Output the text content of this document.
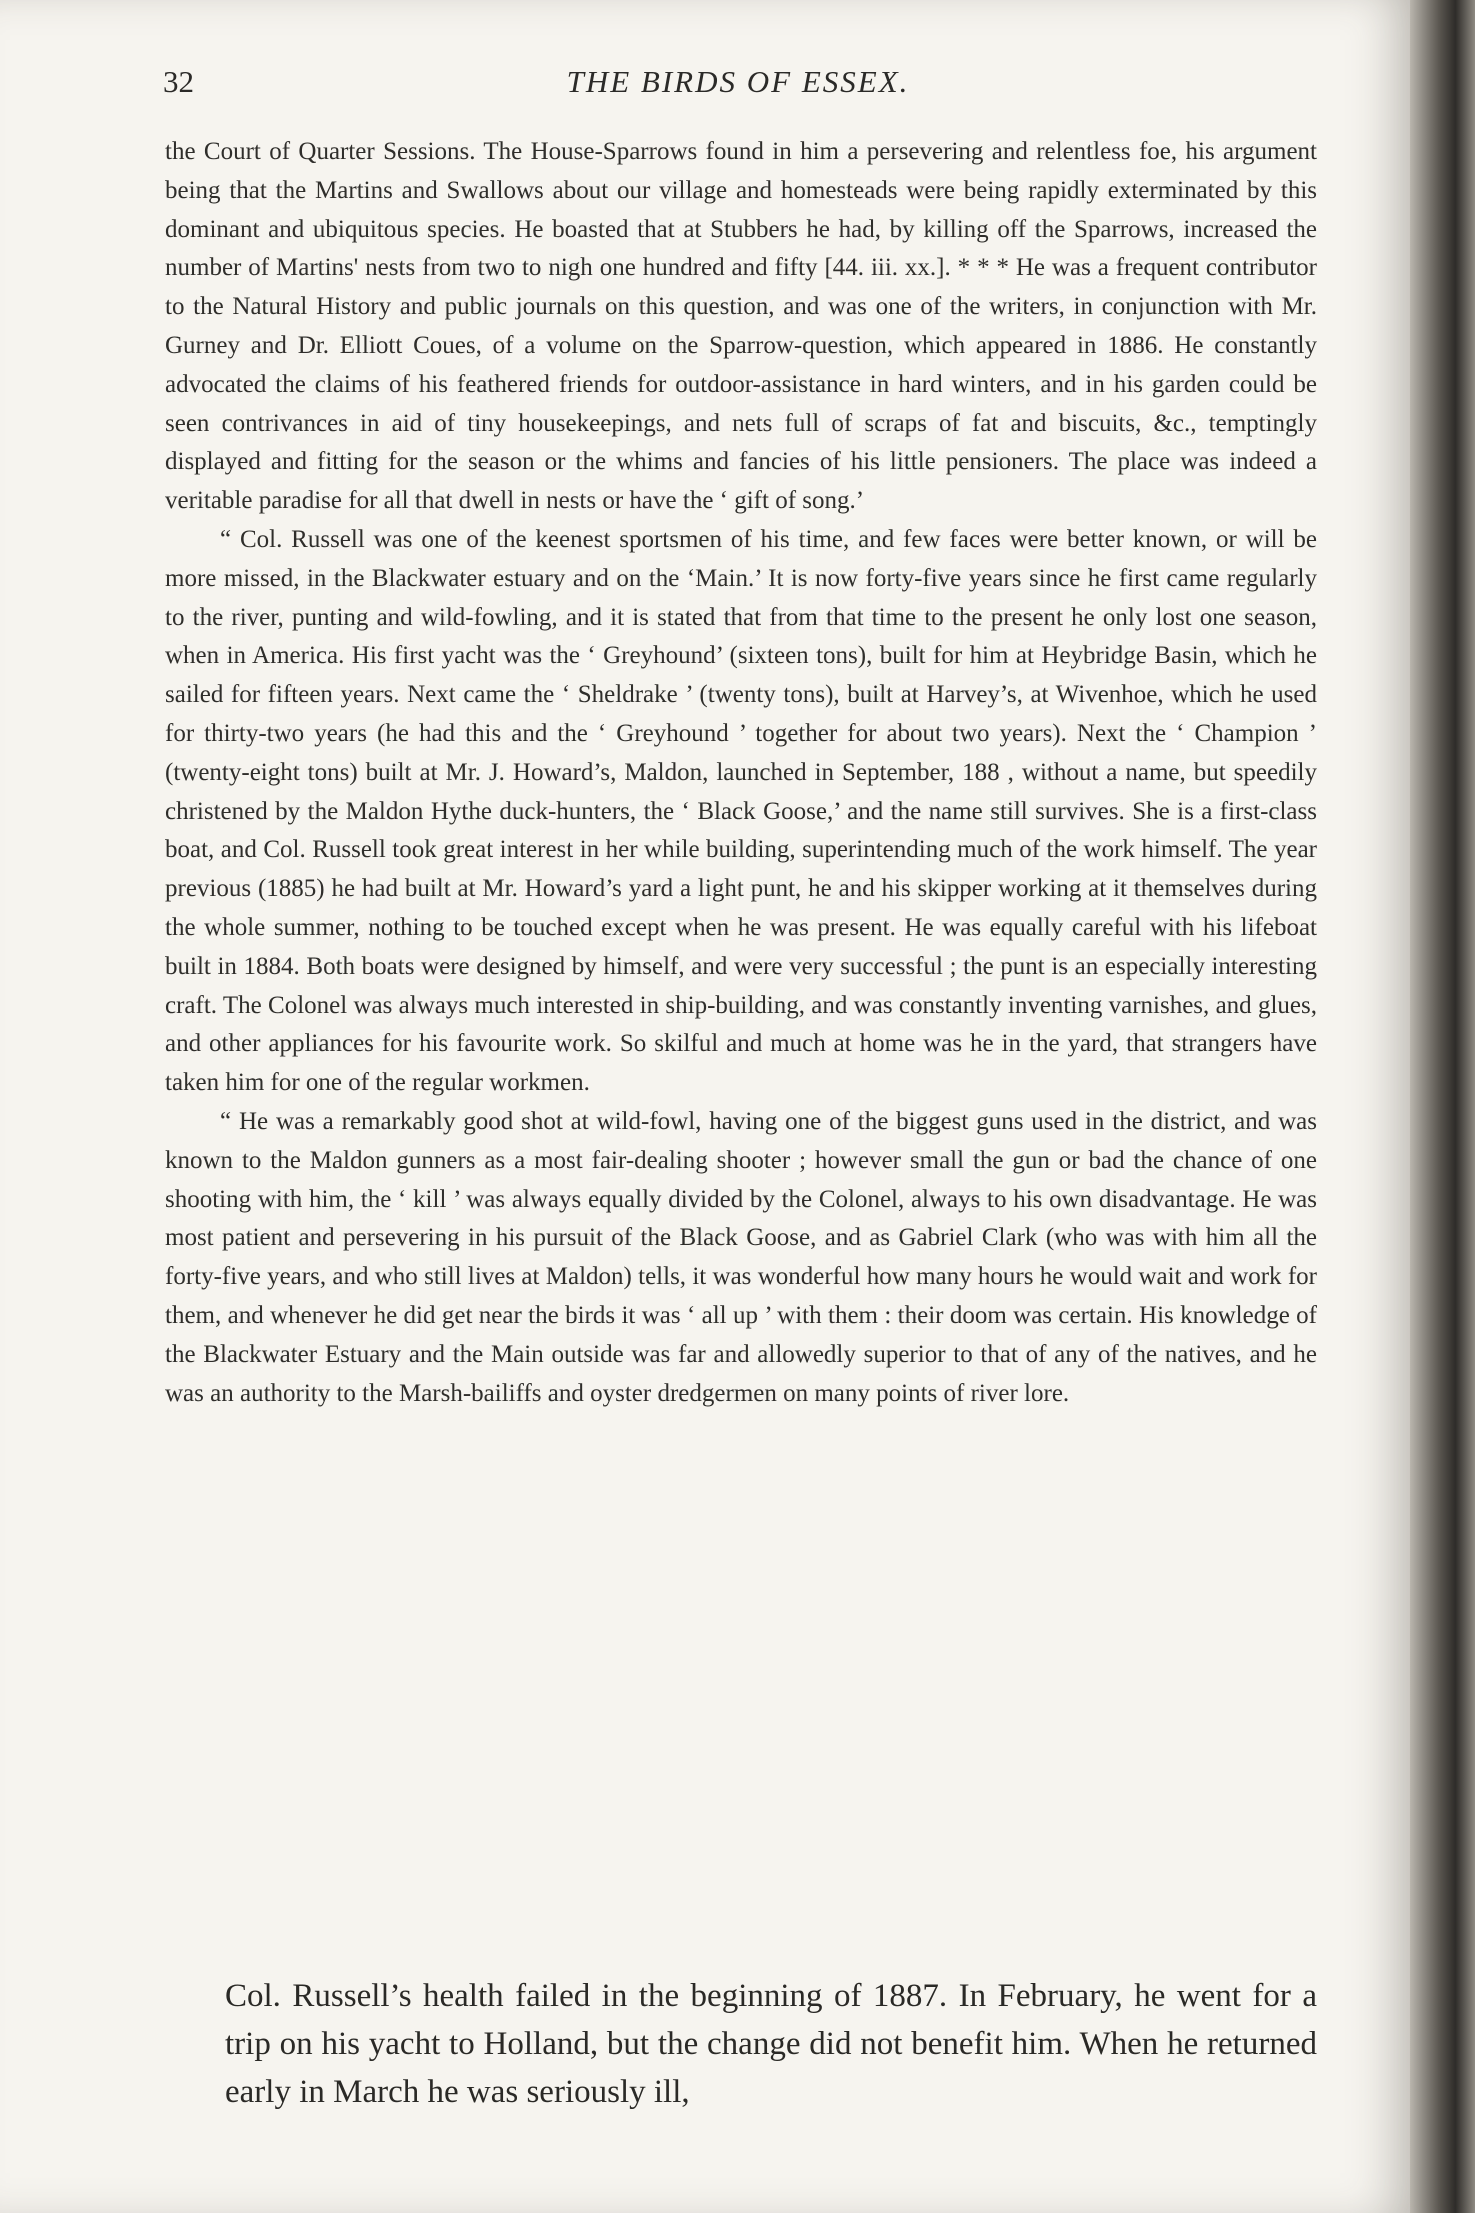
32	THE BIRDS OF ESSEX.

the Court of Quarter Sessions. The House-Sparrows found in him a persevering and relentless foe, his argument being that the Martins and Swallows about our village and homesteads were being rapidly exterminated by this dominant and ubiquitous species. He boasted that at Stubbers he had, by killing off the Sparrows, increased the number of Martins' nests from two to nigh one hundred and fifty [44. iii. xx.]. * * * He was a frequent contributor to the Natural History and public journals on this question, and was one of the writers, in conjunction with Mr. Gurney and Dr. Elliott Coues, of a volume on the Sparrow-question, which appeared in 1886. He constantly advocated the claims of his feathered friends for outdoor-assistance in hard winters, and in his garden could be seen contrivances in aid of tiny housekeepings, and nets full of scraps of fat and biscuits, &c., temptingly displayed and fitting for the season or the whims and fancies of his little pensioners. The place was indeed a veritable paradise for all that dwell in nests or have the ‘ gift of song.’

“ Col. Russell was one of the keenest sportsmen of his time, and few faces were better known, or will be more missed, in the Blackwater estuary and on the ‘Main.’ It is now forty-five years since he first came regularly to the river, punting and wild-fowling, and it is stated that from that time to the present he only lost one season, when in America. His first yacht was the ‘ Greyhound’ (sixteen tons), built for him at Heybridge Basin, which he sailed for fifteen years. Next came the ‘ Sheldrake ’ (twenty tons), built at Harvey’s, at Wivenhoe, which he used for thirty-two years (he had this and the ‘ Greyhound ’ together for about two years). Next the ‘ Champion ’ (twenty-eight tons) built at Mr. J. Howard’s, Maldon, launched in September, 188 , without a name, but speedily christened by the Maldon Hythe duck-hunters, the ‘ Black Goose,’ and the name still survives. She is a first-class boat, and Col. Russell took great interest in her while building, superintending much of the work himself. The year previous (1885) he had built at Mr. Howard’s yard a light punt, he and his skipper working at it themselves during the whole summer, nothing to be touched except when he was present. He was equally careful with his lifeboat built in 1884. Both boats were designed by himself, and were very successful ; the punt is an especially interesting craft. The Colonel was always much interested in ship-building, and was constantly inventing varnishes, and glues, and other appliances for his favourite work. So skilful and much at home was he in the yard, that strangers have taken him for one of the regular workmen.

“ He was a remarkably good shot at wild-fowl, having one of the biggest guns used in the district, and was known to the Maldon gunners as a most fair-dealing shooter ; however small the gun or bad the chance of one shooting with him, the ‘ kill ’ was always equally divided by the Colonel, always to his own disadvantage. He was most patient and persevering in his pursuit of the Black Goose, and as Gabriel Clark (who was with him all the forty-five years, and who still lives at Maldon) tells, it was wonderful how many hours he would wait and work for them, and whenever he did get near the birds it was ‘ all up ’ with them : their doom was certain. His knowledge of the Blackwater Estuary and the Main outside was far and allowedly superior to that of any of the natives, and he was an authority to the Marsh-bailiffs and oyster dredgermen on many points of river lore.

Col. Russell’s health failed in the beginning of 1887. In February, he went for a trip on his yacht to Holland, but the change did not benefit him. When he returned early in March he was seriously ill,
